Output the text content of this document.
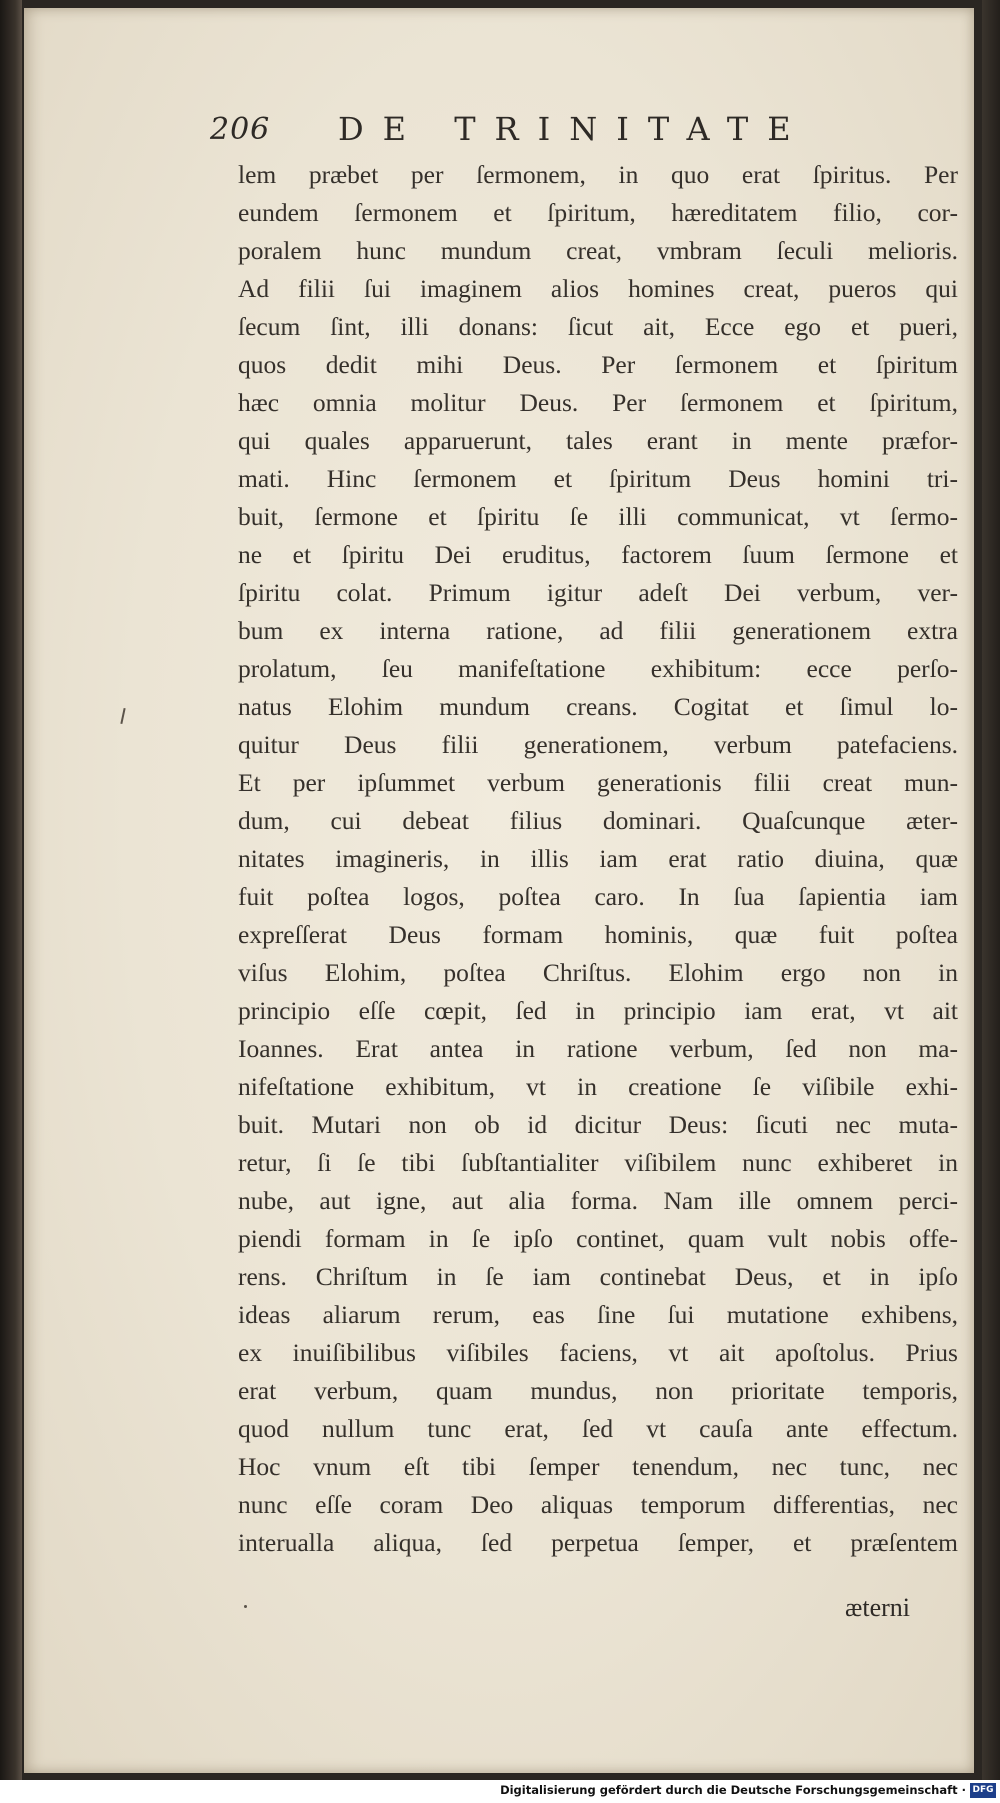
206 DE TRINITATE
lem præbet per ſermonem, in quo erat ſpiritus. Per
eundem ſermonem et ſpiritum, hæreditatem filio, cor-
poralem hunc mundum creat, vmbram ſeculi melioris.
Ad filii ſui imaginem alios homines creat, pueros qui
ſecum ſint, illi donans: ſicut ait, Ecce ego et pueri,
quos dedit mihi Deus. Per ſermonem et ſpiritum
hæc omnia molitur Deus. Per ſermonem et ſpiritum,
qui quales apparuerunt, tales erant in mente præfor-
mati. Hinc ſermonem et ſpiritum Deus homini tri-
buit, ſermone et ſpiritu ſe illi communicat, vt ſermo-
ne et ſpiritu Dei eruditus, factorem ſuum ſermone et
ſpiritu colat. Primum igitur adeſt Dei verbum, ver-
bum ex interna ratione, ad filii generationem extra
prolatum, ſeu manifeſtatione exhibitum: ecce perſo-
natus Elohim mundum creans. Cogitat et ſimul lo-
quitur Deus filii generationem, verbum patefaciens.
Et per ipſummet verbum generationis filii creat mun-
dum, cui debeat filius dominari. Quaſcunque æter-
nitates imagineris, in illis iam erat ratio diuina, quæ
fuit poſtea logos, poſtea caro. In ſua ſapientia iam
expreſſerat Deus formam hominis, quæ fuit poſtea
viſus Elohim, poſtea Chriſtus. Elohim ergo non in
principio eſſe cœpit, ſed in principio iam erat, vt ait
Ioannes. Erat antea in ratione verbum, ſed non ma-
nifeſtatione exhibitum, vt in creatione ſe viſibile exhi-
buit. Mutari non ob id dicitur Deus: ſicuti nec muta-
retur, ſi ſe tibi ſubſtantialiter viſibilem nunc exhiberet in
nube, aut igne, aut alia forma. Nam ille omnem perci-
piendi formam in ſe ipſo continet, quam vult nobis offe-
rens. Chriſtum in ſe iam continebat Deus, et in ipſo
ideas aliarum rerum, eas ſine ſui mutatione exhibens,
ex inuiſibilibus viſibiles faciens, vt ait apoſtolus. Prius
erat verbum, quam mundus, non prioritate temporis,
quod nullum tunc erat, ſed vt cauſa ante effectum.
Hoc vnum eſt tibi ſemper tenendum, nec tunc, nec
nunc eſſe coram Deo aliquas temporum differentias, nec
interualla aliqua, ſed perpetua ſemper, et præſentem
æterni
Digitalisierung gefördert durch die Deutsche Forschungsgemeinschaft · DFG
